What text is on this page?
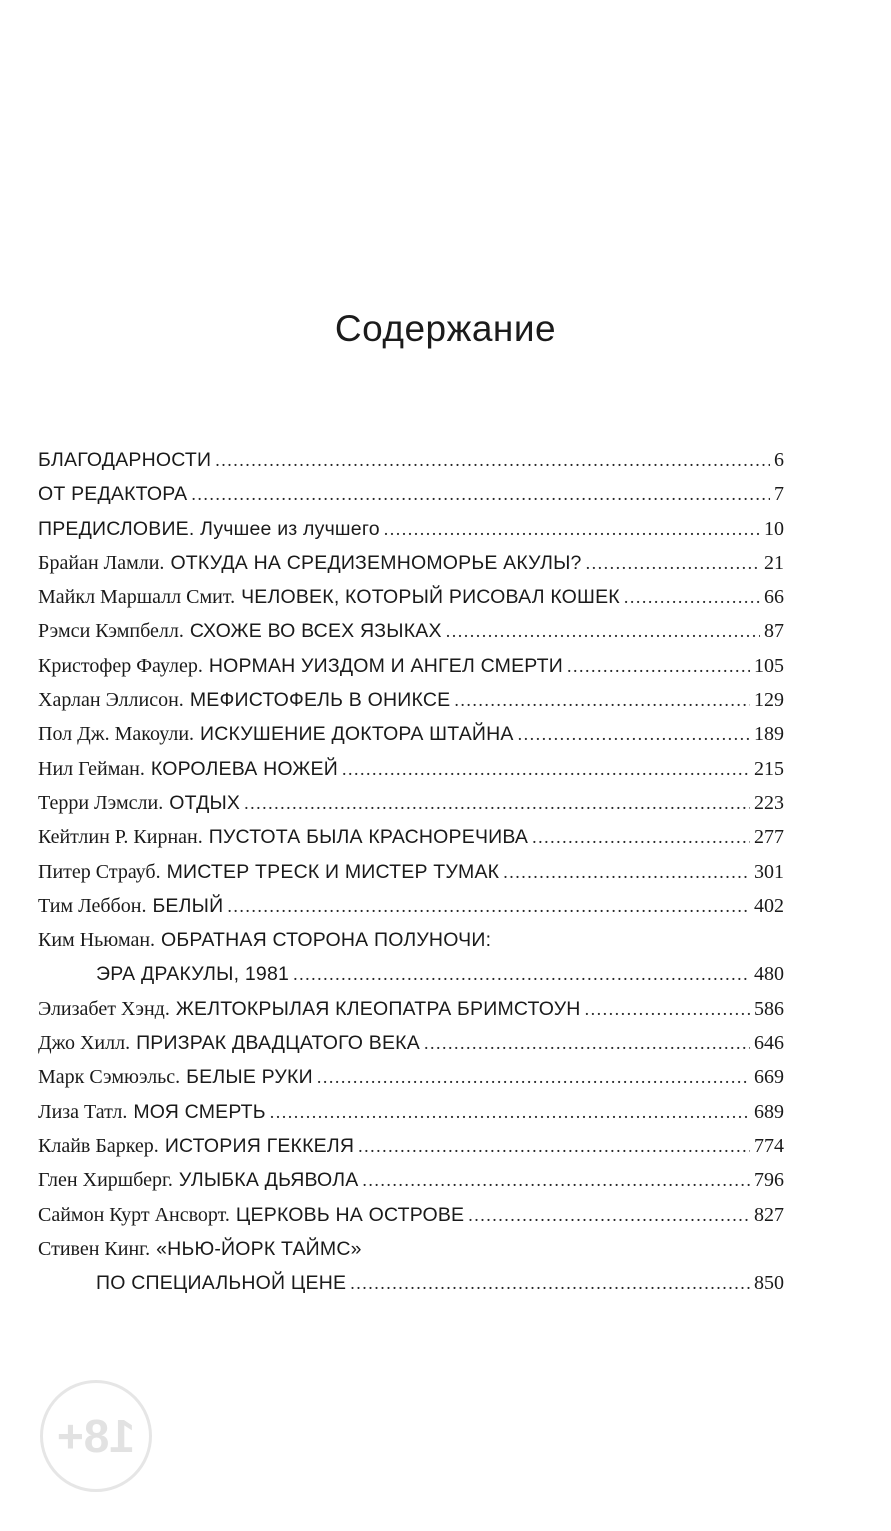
Содержание
БЛАГОДАРНОСТИ . . .	6
ОТ РЕДАКТОРА . . .	7
ПРЕДИСЛОВИЕ. Лучшее из лучшего . . .	10
Брайан Ламли. ОТКУДА НА СРЕДИЗЕМНОМОРЬЕ АКУЛЫ? . . .	21
Майкл Маршалл Смит. ЧЕЛОВЕК, КОТОРЫЙ РИСОВАЛ КОШЕК . . .	66
Рэмси Кэмпбелл. СХОЖЕ ВО ВСЕХ ЯЗЫКАХ . . .	87
Кристофер Фаулер. НОРМАН УИЗДОМ И АНГЕЛ СМЕРТИ . . .	105
Харлан Эллисон. МЕФИСТОФЕЛЬ В ОНИКСЕ . . .	129
Пол Дж. Макоули. ИСКУШЕНИЕ ДОКТОРА ШТАЙНА . . .	189
Нил Гейман. КОРОЛЕВА НОЖЕЙ . . .	215
Терри Лэмсли. ОТДЫХ . . .	223
Кейтлин Р. Кирнан. ПУСТОТА БЫЛА КРАСНОРЕЧИВА . . .	277
Питер Страуб. МИСТЕР ТРЕСК И МИСТЕР ТУМАК . . .	301
Тим Леббон. БЕЛЫЙ . . .	402
Ким Ньюман. ОБРАТНАЯ СТОРОНА ПОЛУНОЧИ:
ЭРА ДРАКУЛЫ, 1981 . . .	480
Элизабет Хэнд. ЖЕЛТОКРЫЛАЯ КЛЕОПАТРА БРИМСТОУН . . .	586
Джо Хилл. ПРИЗРАК ДВАДЦАТОГО ВЕКА . . .	646
Марк Сэмюэльс. БЕЛЫЕ РУКИ . . .	669
Лиза Татл. МОЯ СМЕРТЬ . . .	689
Клайв Баркер. ИСТОРИЯ ГЕККЕЛЯ . . .	774
Глен Хиршберг. УЛЫБКА ДЬЯВОЛА . . .	796
Саймон Курт Ансворт. ЦЕРКОВЬ НА ОСТРОВЕ . . .	827
Стивен Кинг. «НЬЮ-ЙОРК ТАЙМС»
ПО СПЕЦИАЛЬНОЙ ЦЕНЕ . . .	850
18+
